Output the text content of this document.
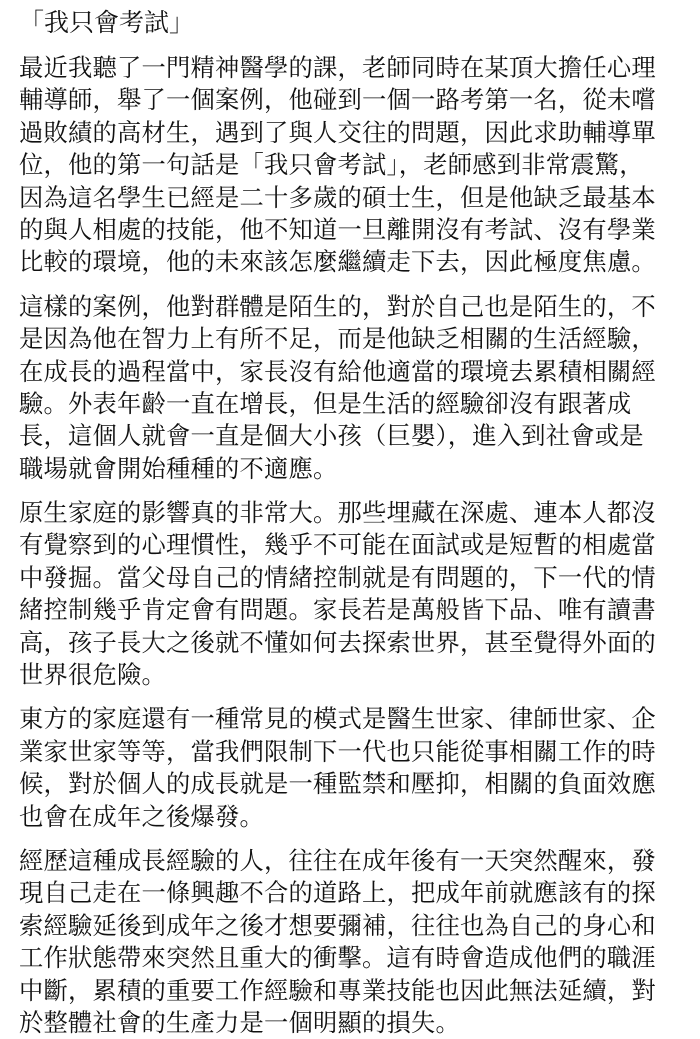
「我只會考試」
最近我聽了一門精神醫學的課，老師同時在某頂大擔任心理
輔導師，舉了一個案例，他碰到一個一路考第一名，從未嚐
過敗績的高材生，遇到了與人交往的問題，因此求助輔導單
位，他的第一句話是「我只會考試」，老師感到非常震驚，
因為這名學生已經是二十多歲的碩士生，但是他缺乏最基本
的與人相處的技能，他不知道一旦離開沒有考試、沒有學業
比較的環境，他的未來該怎麼繼續走下去，因此極度焦慮。
這樣的案例，他對群體是陌生的，對於自己也是陌生的，不
是因為他在智力上有所不足，而是他缺乏相關的生活經驗，
在成長的過程當中，家長沒有給他適當的環境去累積相關經
驗。外表年齡一直在增長，但是生活的經驗卻沒有跟著成
長，這個人就會一直是個大小孩（巨嬰），進入到社會或是
職場就會開始種種的不適應。
原生家庭的影響真的非常大。那些埋藏在深處、連本人都沒
有覺察到的心理慣性，幾乎不可能在面試或是短暫的相處當
中發掘。當父母自己的情緒控制就是有問題的，下一代的情
緒控制幾乎肯定會有問題。家長若是萬般皆下品、唯有讀書
高，孩子長大之後就不懂如何去探索世界，甚至覺得外面的
世界很危險。
東方的家庭還有一種常見的模式是醫生世家、律師世家、企
業家世家等等，當我們限制下一代也只能從事相關工作的時
候，對於個人的成長就是一種監禁和壓抑，相關的負面效應
也會在成年之後爆發。
經歷這種成長經驗的人，往往在成年後有一天突然醒來，發
現自己走在一條興趣不合的道路上，把成年前就應該有的探
索經驗延後到成年之後才想要彌補，往往也為自己的身心和
工作狀態帶來突然且重大的衝擊。這有時會造成他們的職涯
中斷，累積的重要工作經驗和專業技能也因此無法延續，對
於整體社會的生產力是一個明顯的損失。
